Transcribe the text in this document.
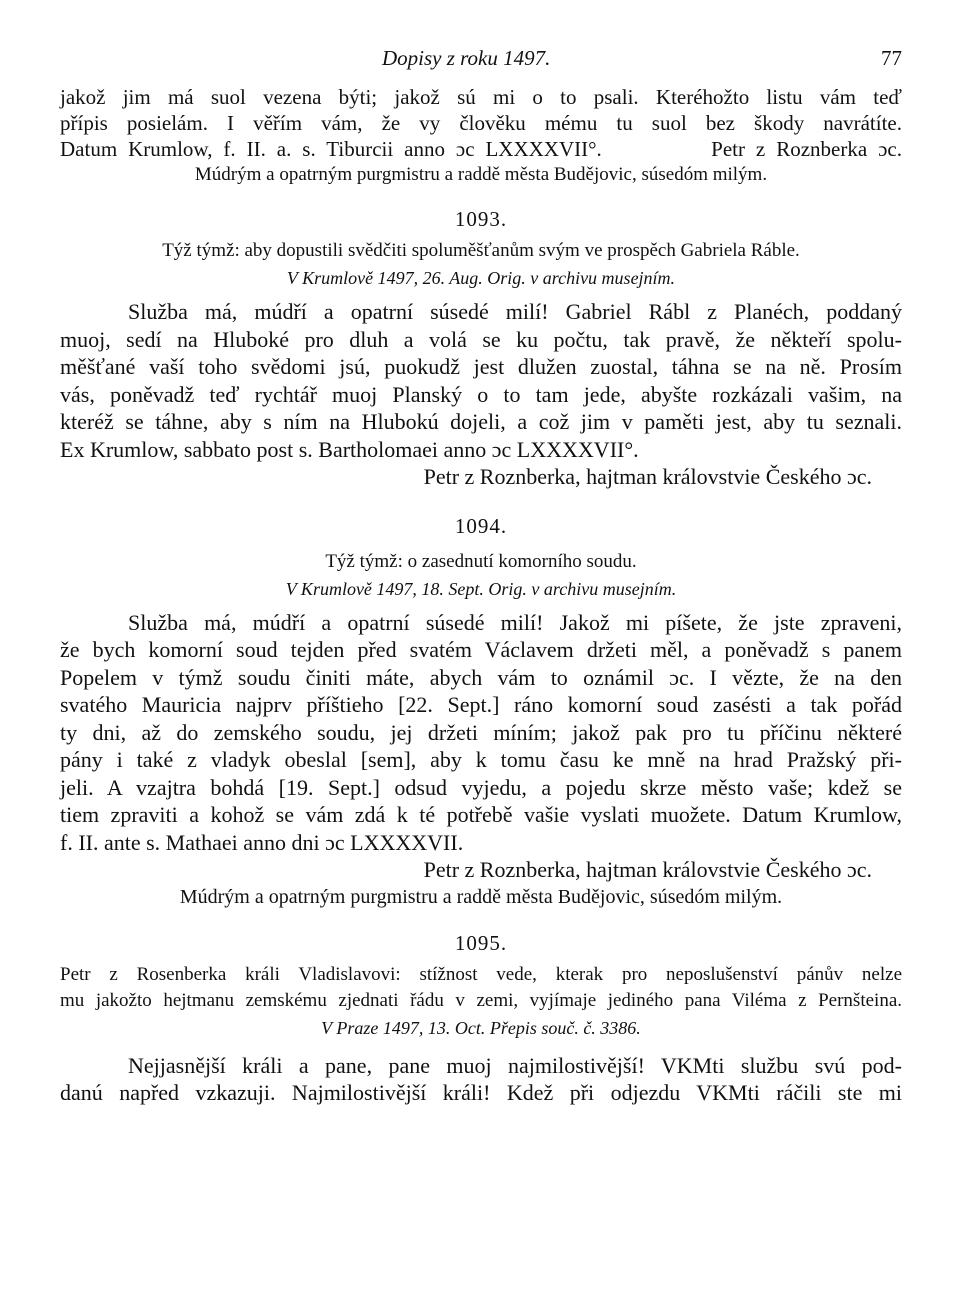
Dopisy z roku 1497.	77
jakož jim má suol vezena býti; jakož sú mi o to psali. Kteréhožto listu vám teď
přípis posielám. I věřím vám, že vy člověku mému tu suol bez škody navrátíte.
Datum Krumlow, f. II. a. s. Tiburcii anno ɔc LXXXXVII°.          Petr z Roznberka ɔc.
Múdrým a opatrným purgmistru a raddě města Budějovic, súsedóm milým.
1093.
Týž týmž: aby dopustili svědčiti spoluměšťanům svým ve prospěch Gabriela Ráble.
V Krumlově 1497, 26. Aug. Orig. v archivu musejním.
Služba má, múdří a opatrní súsedé milí! Gabriel Rábl z Planéch, poddaný
muoj, sedí na Hluboké pro dluh a volá se ku počtu, tak pravě, že někteří spolu-
měšťané vaší toho svědomi jsú, puokudž jest dlužen zuostal, táhna se na ně. Prosím
vás, poněvadž teď rychtář muoj Planský o to tam jede, abyšte rozkázali vašim, na
kteréž se táhne, aby s ním na Hlubokú dojeli, a což jim v paměti jest, aby tu seznali.
Ex Krumlow, sabbato post s. Bartholomaei anno ɔc LXXXXVII°.
Petr z Roznberka, hajtman královstvie Českého ɔc.
1094.
Týž týmž: o zasednutí komorního soudu.
V Krumlově 1497, 18. Sept. Orig. v archivu musejním.
Služba má, múdří a opatrní súsedé milí! Jakož mi píšete, že jste zpraveni,
že bych komorní soud tejden před svatém Václavem držeti měl, a poněvadž s panem
Popelem v týmž soudu činiti máte, abych vám to oznámil ɔc. I vězte, že na den
svatého Mauricia najprv příštieho [22. Sept.] ráno komorní soud zasésti a tak pořád
ty dni, až do zemského soudu, jej držeti míním; jakož pak pro tu příčinu některé
pány i také z vladyk obeslal [sem], aby k tomu času ke mně na hrad Pražský při-
jeli. A vzajtra bohdá [19. Sept.] odsud vyjedu, a pojedu skrze město vaše; kdež se
tiem zpraviti a kohož se vám zdá k té potřebě vašie vyslati muožete. Datum Krumlow,
f. II. ante s. Mathaei anno dni ɔc LXXXXVII.
Petr z Roznberka, hajtman královstvie Českého ɔc.
Múdrým a opatrným purgmistru a raddě města Budějovic, súsedóm milým.
1095.
Petr z Rosenberka králi Vladislavovi: stížnost vede, kterak pro neposlušenství pánův nelze
mu jakožto hejtmanu zemskému zjednati řádu v zemi, vyjímaje jediného pana Viléma z Pernšteina.
V Praze 1497, 13. Oct. Přepis souč. č. 3386.
Nejjasnější králi a pane, pane muoj najmilostivější! VKMti službu svú pod-
danú napřed vzkazuji. Najmilostivější králi! Kdež při odjezdu VKMti ráčili ste mi
